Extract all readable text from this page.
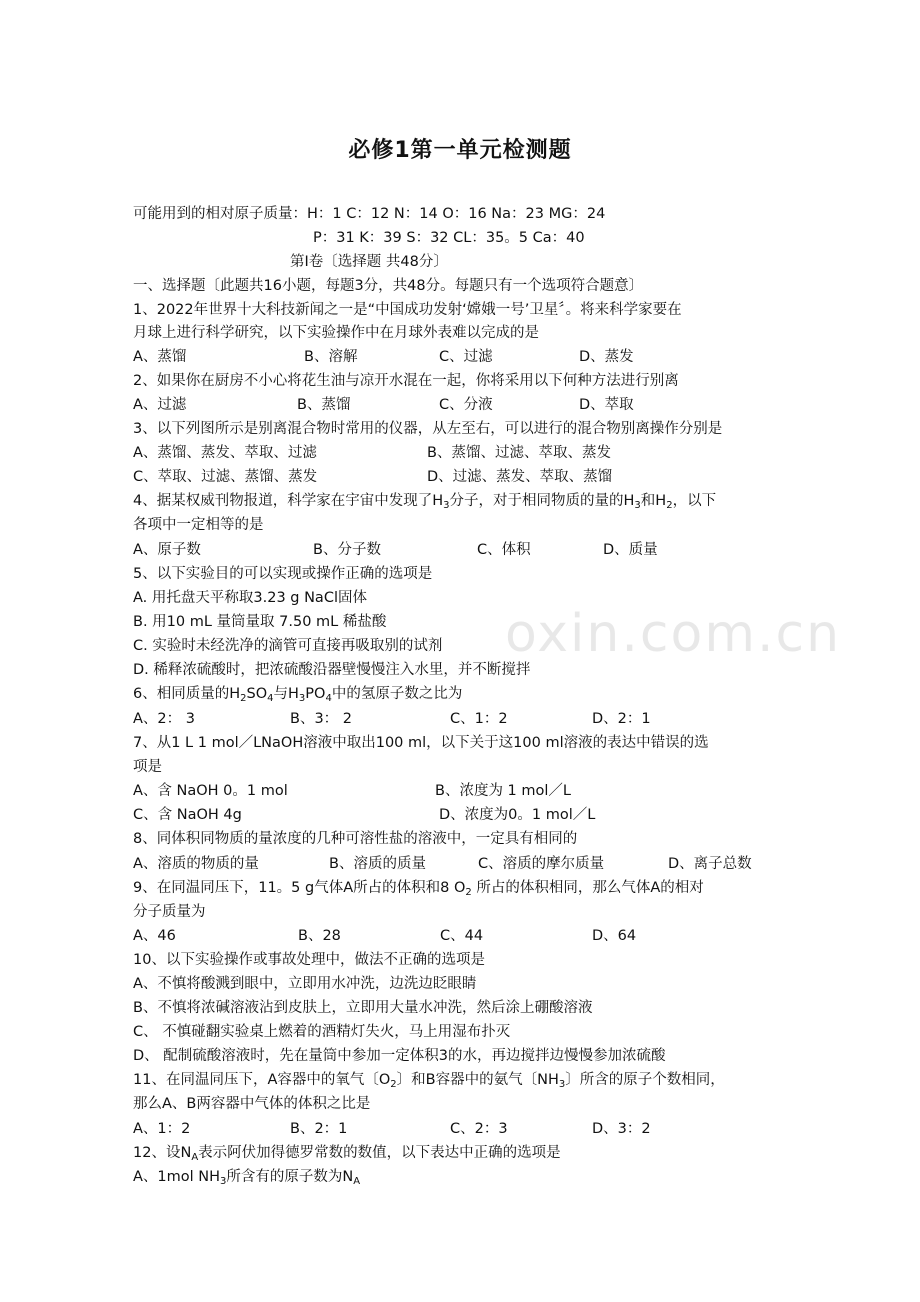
oxin.com.cn
必修1第一单元检测题
可能用到的相对原子质量：H：1 C：12 N：14 O：16 Na：23 MG：24
P：31 K：39 S：32 CL：35。5 Ca：40
第Ⅰ卷〔选择题 共48分〕
一、选择题〔此题共16小题，每题3分，共48分。每题只有一个选项符合题意〕
1、2022年世界十大科技新闻之一是“中国成功发射‘嫦娥一号’卫星〞。将来科学家要在
月球上进行科学研究，以下实验操作中在月球外表难以完成的是
A、蒸馏	B、溶解	C、过滤	D、蒸发
2、如果你在厨房不小心将花生油与凉开水混在一起，你将采用以下何种方法进行别离
A、过滤	B、蒸馏	C、分液	D、萃取
3、以下列图所示是别离混合物时常用的仪器，从左至右，可以进行的混合物别离操作分别是
A、蒸馏、蒸发、萃取、过滤	B、蒸馏、过滤、萃取、蒸发
C、萃取、过滤、蒸馏、蒸发	D、过滤、蒸发、萃取、蒸馏
4、据某权威刊物报道，科学家在宇宙中发现了$H_3$分子，对于相同物质的量的$H_3$和$H_2$，以下
各项中一定相等的是
A、原子数	B、分子数	C、体积	D、质量
5、以下实验目的可以实现或操作正确的选项是
A. 用托盘天平称取3.23 g NaCl固体
B. 用10 mL 量筒量取 7.50 mL 稀盐酸
C. 实验时未经洗净的滴管可直接再吸取别的试剂
D. 稀释浓硫酸时，把浓硫酸沿器壁慢慢注入水里，并不断搅拌
6、相同质量的$H_2SO_4$与$H_3PO_4$中的氢原子数之比为
A、2： 3	B、3： 2	C、1：2	D、2：1
7、从1 L 1 mol／LNaOH溶液中取出100 ml，以下关于这100 ml溶液的表达中错误的选
项是
A、含 NaOH 0。1 mol	B、浓度为 1 mol／L
C、含 NaOH 4g	D、浓度为0。1 mol／L
8、同体积同物质的量浓度的几种可溶性盐的溶液中，一定具有相同的
A、溶质的物质的量	B、溶质的质量	C、溶质的摩尔质量	D、离子总数
9、在同温同压下，11。5 g气体A所占的体积和8 $O_2$ 所占的体积相同，那么气体A的相对
分子质量为
A、46	B、28	C、44	D、64
10、以下实验操作或事故处理中，做法不正确的选项是
A、不慎将酸溅到眼中，立即用水冲洗，边洗边眨眼睛
B、不慎将浓碱溶液沾到皮肤上，立即用大量水冲洗，然后涂上硼酸溶液
C、 不慎碰翻实验桌上燃着的酒精灯失火，马上用湿布扑灭
D、 配制硫酸溶液时，先在量筒中参加一定体积3的水，再边搅拌边慢慢参加浓硫酸
11、在同温同压下，A容器中的氧气〔$O_2$〕和B容器中的氨气〔$NH_3$〕所含的原子个数相同，
那么A、B两容器中气体的体积之比是
A、1：2	B、2：1	C、2：3	D、3：2
12、设$N_A$表示阿伏加得德罗常数的数值，以下表达中正确的选项是
A、1mol $NH_3$所含有的原子数为$N_A$
